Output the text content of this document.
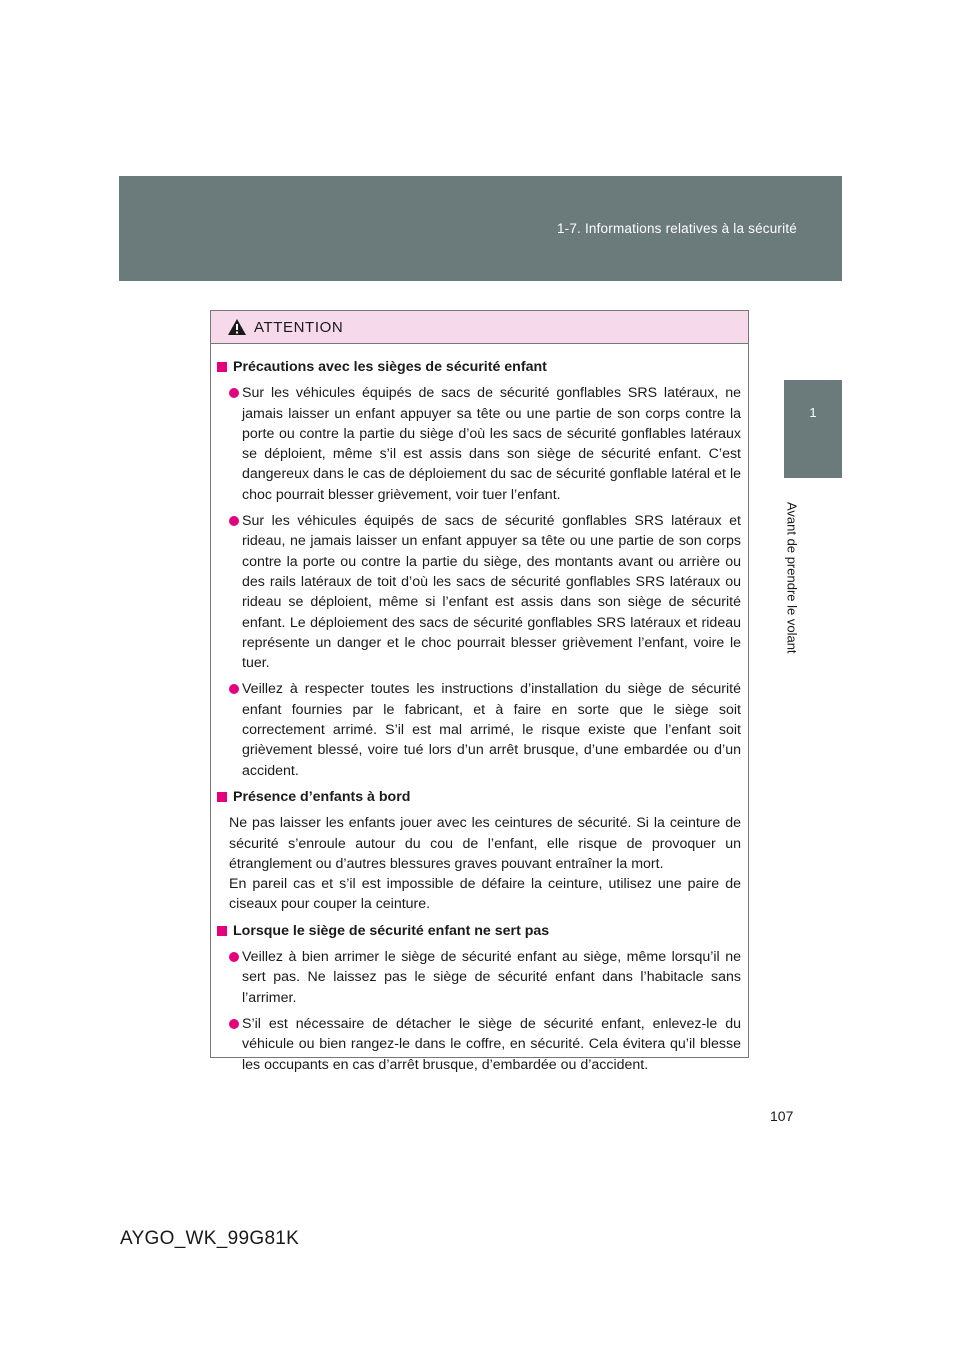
1-7. Informations relatives à la sécurité
1
Avant de prendre le volant
ATTENTION
Précautions avec les sièges de sécurité enfant
Sur les véhicules équipés de sacs de sécurité gonflables SRS latéraux, ne jamais laisser un enfant appuyer sa tête ou une partie de son corps contre la porte ou contre la partie du siège d’où les sacs de sécurité gonflables latéraux se déploient, même s’il est assis dans son siège de sécurité enfant. C’est dangereux dans le cas de déploiement du sac de sécurité gonflable latéral et le choc pourrait blesser grièvement, voir tuer l’enfant.
Sur les véhicules équipés de sacs de sécurité gonflables SRS latéraux et rideau, ne jamais laisser un enfant appuyer sa tête ou une partie de son corps contre la porte ou contre la partie du siège, des montants avant ou arrière ou des rails latéraux de toit d’où les sacs de sécurité gonflables SRS latéraux ou rideau se déploient, même si l’enfant est assis dans son siège de sécurité enfant. Le déploiement des sacs de sécurité gonflables SRS latéraux et rideau représente un danger et le choc pourrait blesser grièvement l’enfant, voire le tuer.
Veillez à respecter toutes les instructions d’installation du siège de sécurité enfant fournies par le fabricant, et à faire en sorte que le siège soit correctement arrimé. S’il est mal arrimé, le risque existe que l’enfant soit grièvement blessé, voire tué lors d’un arrêt brusque, d’une embardée ou d’un accident.
Présence d’enfants à bord
Ne pas laisser les enfants jouer avec les ceintures de sécurité. Si la ceinture de sécurité s’enroule autour du cou de l’enfant, elle risque de provoquer un étranglement ou d’autres blessures graves pouvant entraîner la mort.
En pareil cas et s’il est impossible de défaire la ceinture, utilisez une paire de ciseaux pour couper la ceinture.
Lorsque le siège de sécurité enfant ne sert pas
Veillez à bien arrimer le siège de sécurité enfant au siège, même lorsqu’il ne sert pas. Ne laissez pas le siège de sécurité enfant dans l’habitacle sans l’arrimer.
S’il est nécessaire de détacher le siège de sécurité enfant, enlevez-le du véhicule ou bien rangez-le dans le coffre, en sécurité. Cela évitera qu’il blesse les occupants en cas d’arrêt brusque, d’embardée ou d’accident.
107
AYGO_WK_99G81K
